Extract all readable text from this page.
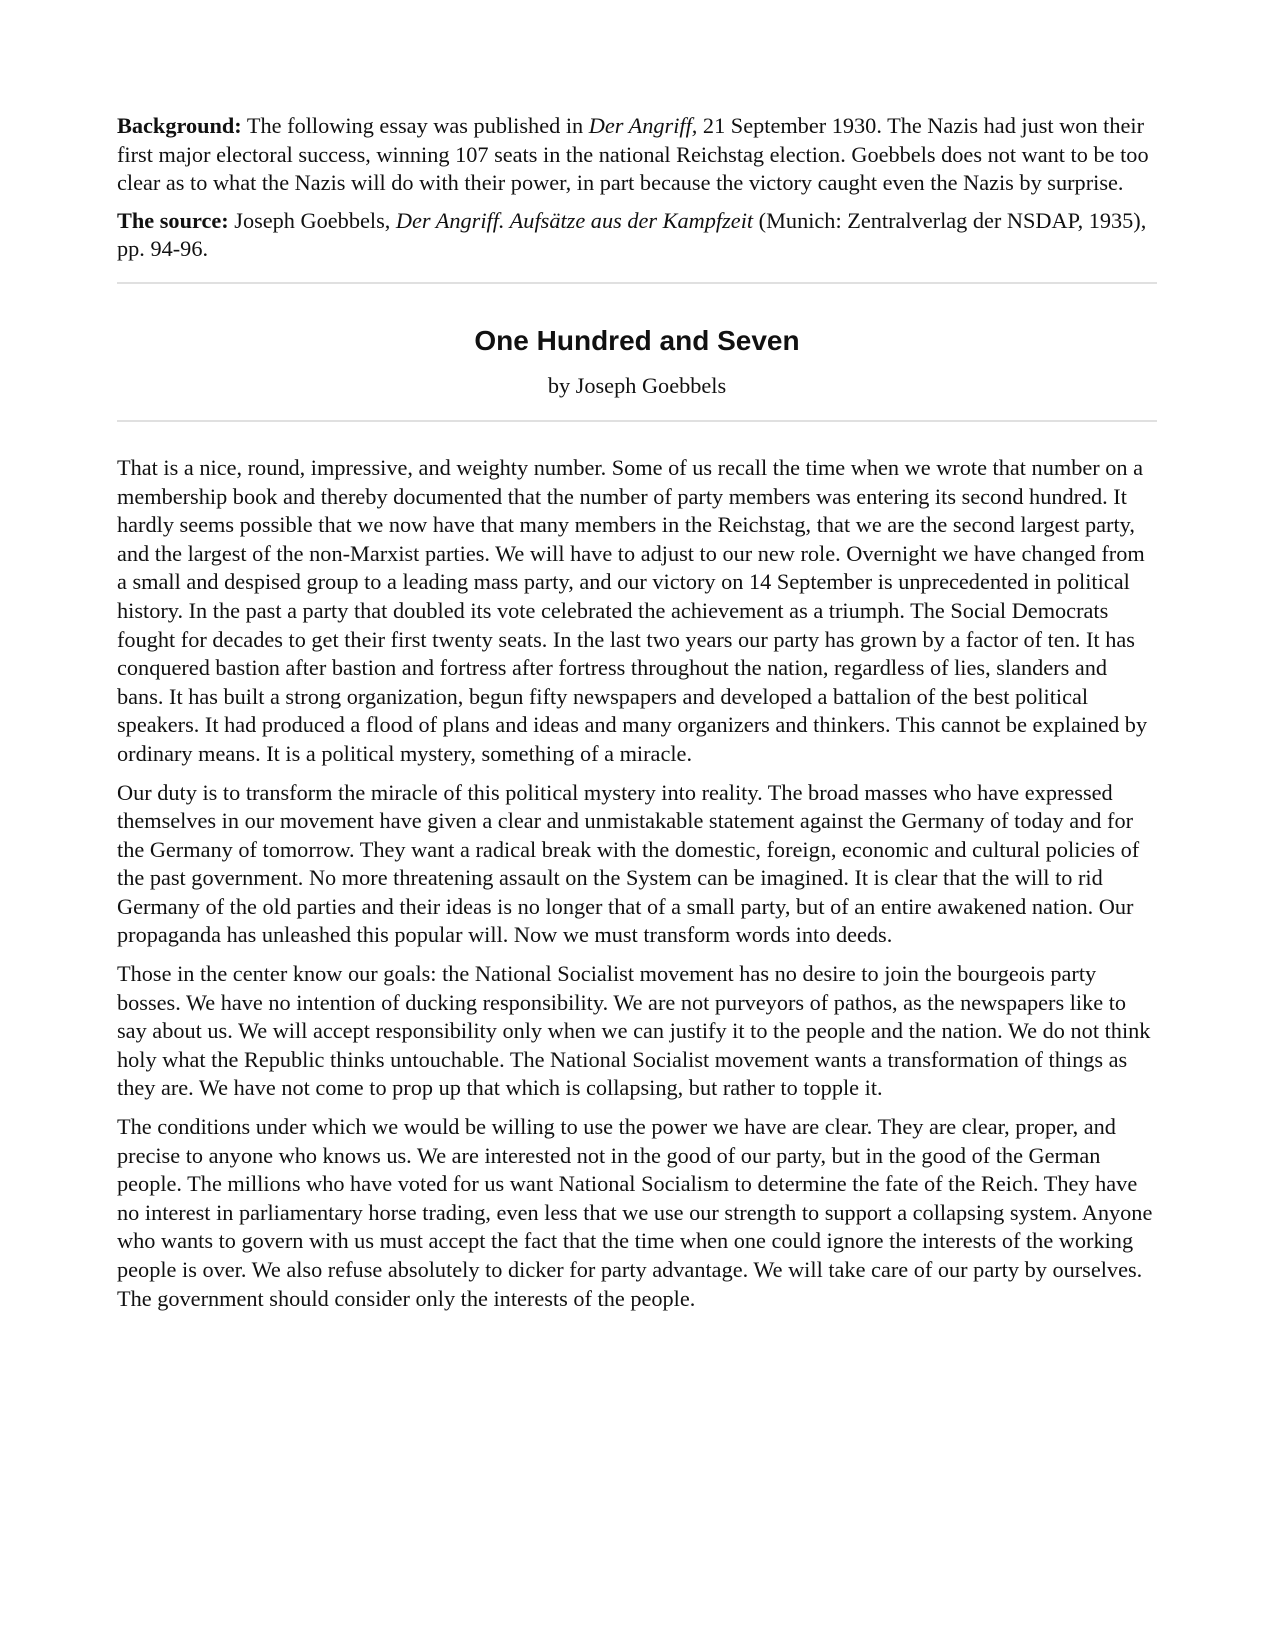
Background: The following essay was published in Der Angriff, 21 September 1930. The Nazis had just won their first major electoral success, winning 107 seats in the national Reichstag election. Goebbels does not want to be too clear as to what the Nazis will do with their power, in part because the victory caught even the Nazis by surprise.

The source: Joseph Goebbels, Der Angriff. Aufsätze aus der Kampfzeit (Munich: Zentralverlag der NSDAP, 1935), pp. 94-96.

One Hundred and Seven

by Joseph Goebbels

That is a nice, round, impressive, and weighty number. Some of us recall the time when we wrote that number on a membership book and thereby documented that the number of party members was entering its second hundred. It hardly seems possible that we now have that many members in the Reichstag, that we are the second largest party, and the largest of the non-Marxist parties. We will have to adjust to our new role. Overnight we have changed from a small and despised group to a leading mass party, and our victory on 14 September is unprecedented in political history. In the past a party that doubled its vote celebrated the achievement as a triumph. The Social Democrats fought for decades to get their first twenty seats. In the last two years our party has grown by a factor of ten. It has conquered bastion after bastion and fortress after fortress throughout the nation, regardless of lies, slanders and bans. It has built a strong organization, begun fifty newspapers and developed a battalion of the best political speakers. It had produced a flood of plans and ideas and many organizers and thinkers. This cannot be explained by ordinary means. It is a political mystery, something of a miracle.

Our duty is to transform the miracle of this political mystery into reality. The broad masses who have expressed themselves in our movement have given a clear and unmistakable statement against the Germany of today and for the Germany of tomorrow. They want a radical break with the domestic, foreign, economic and cultural policies of the past government. No more threatening assault on the System can be imagined. It is clear that the will to rid Germany of the old parties and their ideas is no longer that of a small party, but of an entire awakened nation. Our propaganda has unleashed this popular will. Now we must transform words into deeds.

Those in the center know our goals: the National Socialist movement has no desire to join the bourgeois party bosses. We have no intention of ducking responsibility. We are not purveyors of pathos, as the newspapers like to say about us. We will accept responsibility only when we can justify it to the people and the nation. We do not think holy what the Republic thinks untouchable. The National Socialist movement wants a transformation of things as they are. We have not come to prop up that which is collapsing, but rather to topple it.

The conditions under which we would be willing to use the power we have are clear. They are clear, proper, and precise to anyone who knows us. We are interested not in the good of our party, but in the good of the German people. The millions who have voted for us want National Socialism to determine the fate of the Reich. They have no interest in parliamentary horse trading, even less that we use our strength to support a collapsing system. Anyone who wants to govern with us must accept the fact that the time when one could ignore the interests of the working people is over. We also refuse absolutely to dicker for party advantage. We will take care of our party by ourselves. The government should consider only the interests of the people.
